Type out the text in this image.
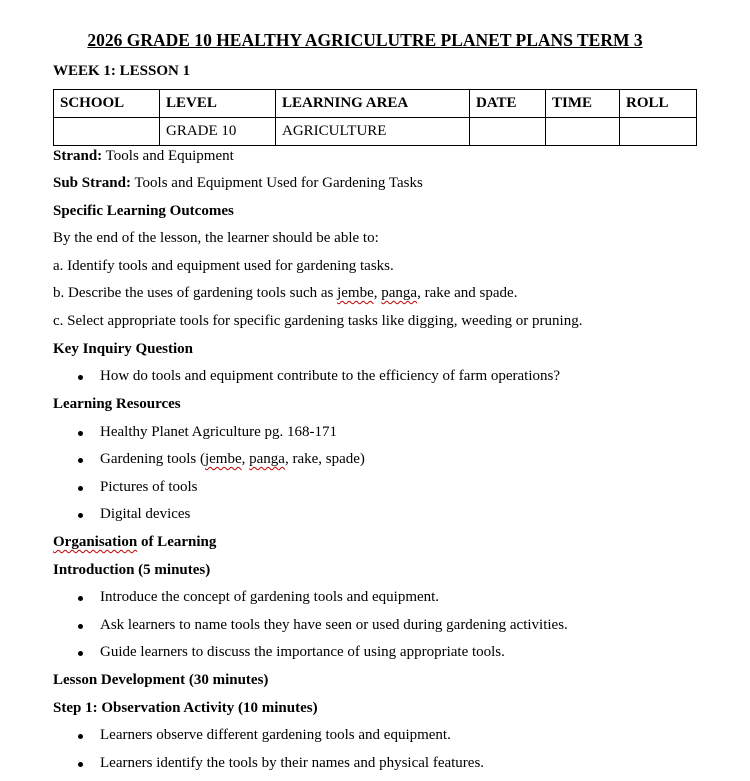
2026 GRADE 10 HEALTHY AGRICULUTRE PLANET PLANS TERM 3
WEEK 1: LESSON 1
SCHOOL	LEVEL	LEARNING AREA	DATE	TIME	ROLL
	GRADE 10	AGRICULTURE			
Strand: Tools and Equipment
Sub Strand: Tools and Equipment Used for Gardening Tasks
Specific Learning Outcomes
By the end of the lesson, the learner should be able to:
a. Identify tools and equipment used for gardening tasks.
b. Describe the uses of gardening tools such as jembe, panga, rake and spade.
c. Select appropriate tools for specific gardening tasks like digging, weeding or pruning.
Key Inquiry Question
How do tools and equipment contribute to the efficiency of farm operations?
Learning Resources
Healthy Planet Agriculture pg. 168-171
Gardening tools (jembe, panga, rake, spade)
Pictures of tools
Digital devices
Organisation of Learning
Introduction (5 minutes)
Introduce the concept of gardening tools and equipment.
Ask learners to name tools they have seen or used during gardening activities.
Guide learners to discuss the importance of using appropriate tools.
Lesson Development (30 minutes)
Step 1: Observation Activity (10 minutes)
Learners observe different gardening tools and equipment.
Learners identify the tools by their names and physical features.
